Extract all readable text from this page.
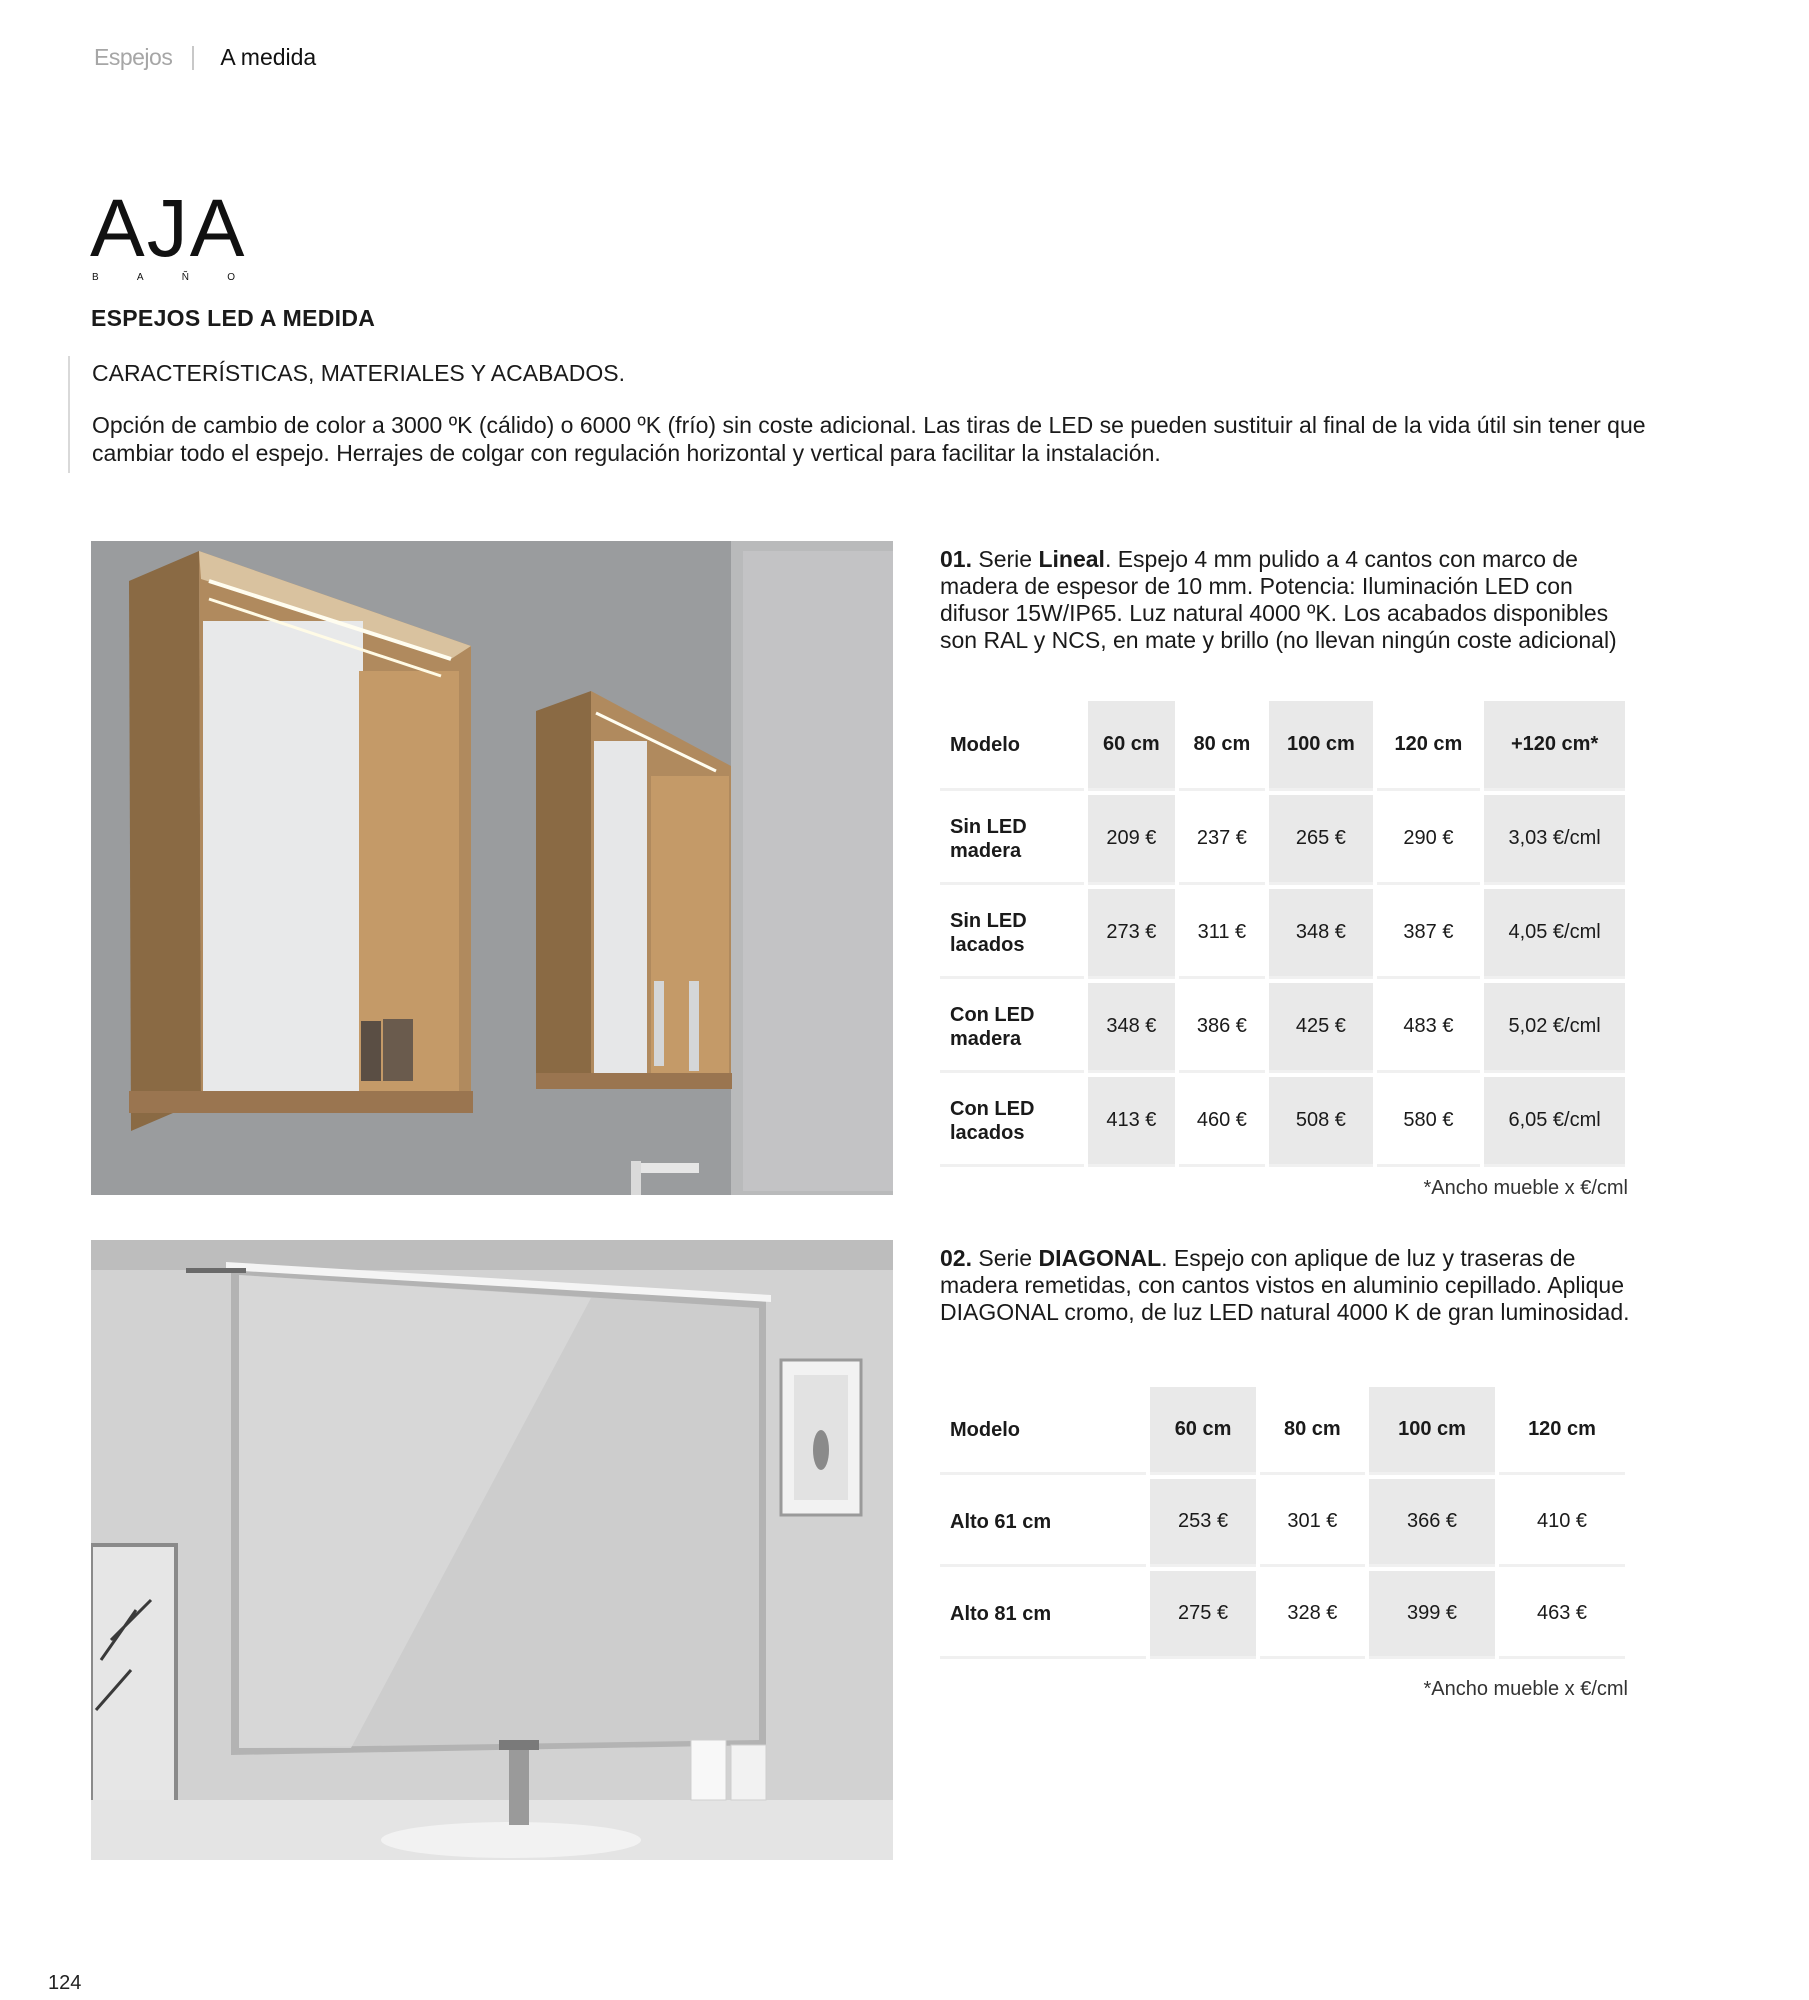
Espejos A medida
AJA
B	A	Ñ	O
ESPEJOS LED A MEDIDA
CARACTERÍSTICAS, MATERIALES Y ACABADOS.
Opción de cambio de color a 3000 ºK (cálido) o 6000 ºK (frío) sin coste adicional. Las tiras de LED se pueden sustituir al final de la vida útil sin tener que cambiar todo el espejo. Herrajes de colgar con regulación horizontal y vertical para facilitar la instalación.
01. Serie Lineal. Espejo 4 mm pulido a 4 cantos con marco de madera de espesor de 10 mm. Potencia: Iluminación LED con difusor 15W/IP65. Luz natural 4000 ºK. Los acabados disponibles son RAL y NCS, en mate y brillo (no llevan ningún coste adicional)
Modelo	60 cm	80 cm	100 cm	120 cm	+120 cm*
Sin LED
madera	209 €	237 €	265 €	290 €	3,03 €/cml
Sin LED
lacados	273 €	311 €	348 €	387 €	4,05 €/cml
Con LED
madera	348 €	386 €	425 €	483 €	5,02 €/cml
Con LED
lacados	413 €	460 €	508 €	580 €	6,05 €/cml
*Ancho mueble x €/cml
02. Serie DIAGONAL. Espejo con aplique de luz y traseras de madera remetidas, con cantos vistos en aluminio cepillado. Aplique DIAGONAL cromo, de luz LED natural 4000 K de gran luminosidad.
Modelo	60 cm	80 cm	100 cm	120 cm
Alto 61 cm	253 €	301 €	366 €	410 €
Alto 81 cm	275 €	328 €	399 €	463 €
*Ancho mueble x €/cml
124
